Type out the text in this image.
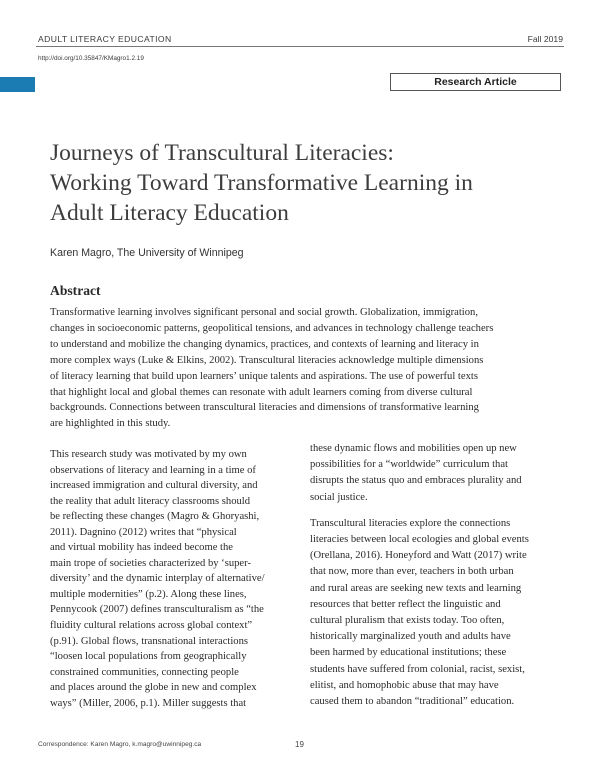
ADULT LITERACY EDUCATION	Fall 2019
http://doi.org/10.35847/KMagro1.2.19
Research Article
Journeys of Transcultural Literacies:
Working Toward Transformative Learning in
Adult Literacy Education
Karen Magro, The University of Winnipeg
Abstract
Transformative learning involves significant personal and social growth. Globalization, immigration,
changes in socioeconomic patterns, geopolitical tensions, and advances in technology challenge teachers
to understand and mobilize the changing dynamics, practices, and contexts of learning and literacy in
more complex ways (Luke & Elkins, 2002). Transcultural literacies acknowledge multiple dimensions
of literacy learning that build upon learners’ unique talents and aspirations. The use of powerful texts
that highlight local and global themes can resonate with adult learners coming from diverse cultural
backgrounds. Connections between transcultural literacies and dimensions of transformative learning
are highlighted in this study.
This research study was motivated by my own
observations of literacy and learning in a time of
increased immigration and cultural diversity, and
the reality that adult literacy classrooms should
be reflecting these changes (Magro & Ghoryashi,
2011). Dagnino (2012) writes that “physical
and virtual mobility has indeed become the
main trope of societies characterized by ‘super-
diversity’ and the dynamic interplay of alternative/
multiple modernities” (p.2). Along these lines,
Pennycook (2007) defines transculturalism as “the
fluidity cultural relations across global context”
(p.91). Global flows, transnational interactions
“loosen local populations from geographically
constrained communities, connecting people
and places around the globe in new and complex
ways” (Miller, 2006, p.1). Miller suggests that
these dynamic flows and mobilities open up new
possibilities for a “worldwide” curriculum that
disrupts the status quo and embraces plurality and
social justice.
Transcultural literacies explore the connections
literacies between local ecologies and global events
(Orellana, 2016). Honeyford and Watt (2017) write
that now, more than ever, teachers in both urban
and rural areas are seeking new texts and learning
resources that better reflect the linguistic and
cultural pluralism that exists today. Too often,
historically marginalized youth and adults have
been harmed by educational institutions; these
students have suffered from colonial, racist, sexist,
elitist, and homophobic abuse that may have
caused them to abandon “traditional” education.
Correspondence: Karen Magro, k.magro@uwinnipeg.ca	19
